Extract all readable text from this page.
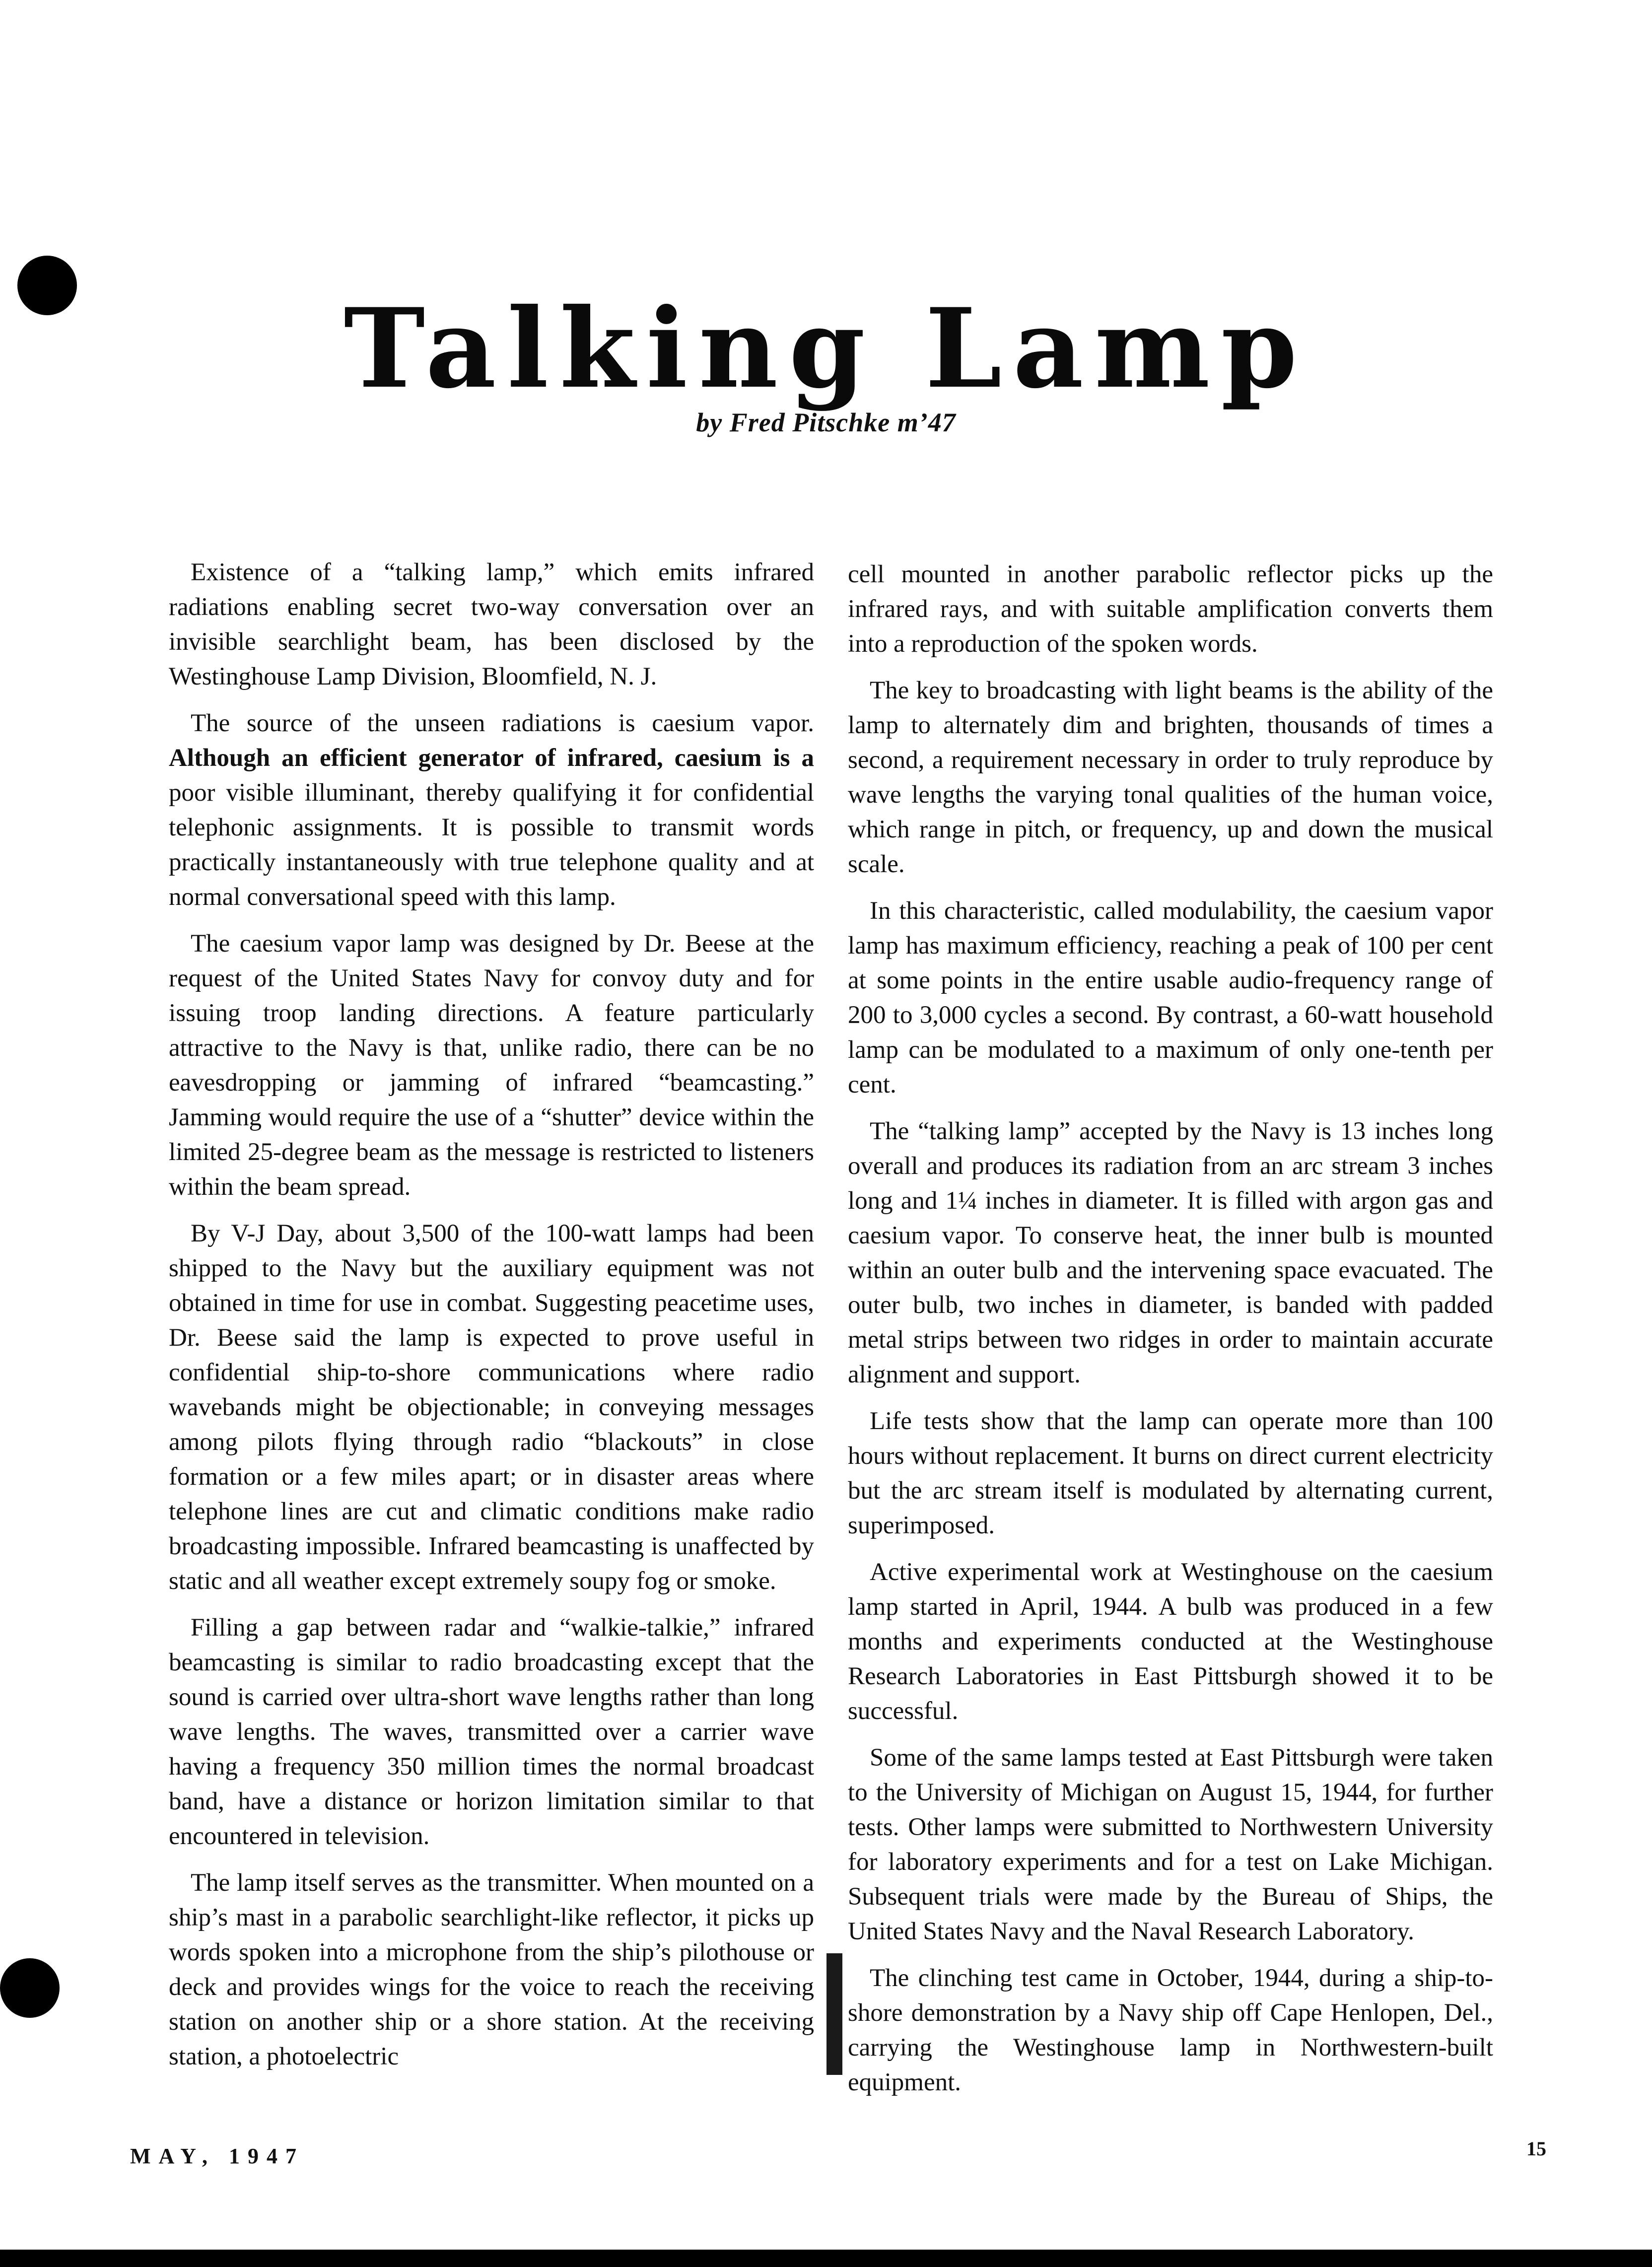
Talking Lamp
by Fred Pitschke m’47

Existence of a “talking lamp,” which emits infrared radiations enabling secret two-way conversation over an invisible searchlight beam, has been disclosed by the Westinghouse Lamp Division, Bloomfield, N. J.

The source of the unseen radiations is caesium vapor. Although an efficient generator of infrared, caesium is a poor visible illuminant, thereby qualifying it for confidential telephonic assignments. It is possible to transmit words practically instantaneously with true telephone quality and at normal conversational speed with this lamp.

The caesium vapor lamp was designed by Dr. Beese at the request of the United States Navy for convoy duty and for issuing troop landing directions. A feature particularly attractive to the Navy is that, unlike radio, there can be no eavesdropping or jamming of infrared “beamcasting.” Jamming would require the use of a “shutter” device within the limited 25-degree beam as the message is restricted to listeners within the beam spread.

By V-J Day, about 3,500 of the 100-watt lamps had been shipped to the Navy but the auxiliary equipment was not obtained in time for use in combat. Suggesting peacetime uses, Dr. Beese said the lamp is expected to prove useful in confidential ship-to-shore communications where radio wavebands might be objectionable; in conveying messages among pilots flying through radio “blackouts” in close formation or a few miles apart; or in disaster areas where telephone lines are cut and climatic conditions make radio broadcasting impossible. Infrared beamcasting is unaffected by static and all weather except extremely soupy fog or smoke.

Filling a gap between radar and “walkie-talkie,” infrared beamcasting is similar to radio broadcasting except that the sound is carried over ultra-short wave lengths rather than long wave lengths. The waves, transmitted over a carrier wave having a frequency 350 million times the normal broadcast band, have a distance or horizon limitation similar to that encountered in television.

The lamp itself serves as the transmitter. When mounted on a ship’s mast in a parabolic searchlight-like reflector, it picks up words spoken into a microphone from the ship’s pilothouse or deck and provides wings for the voice to reach the receiving station on another ship or a shore station. At the receiving station, a photoelectric

cell mounted in another parabolic reflector picks up the infrared rays, and with suitable amplification converts them into a reproduction of the spoken words.

The key to broadcasting with light beams is the ability of the lamp to alternately dim and brighten, thousands of times a second, a requirement necessary in order to truly reproduce by wave lengths the varying tonal qualities of the human voice, which range in pitch, or frequency, up and down the musical scale.

In this characteristic, called modulability, the caesium vapor lamp has maximum efficiency, reaching a peak of 100 per cent at some points in the entire usable audio-frequency range of 200 to 3,000 cycles a second. By contrast, a 60-watt household lamp can be modulated to a maximum of only one-tenth per cent.

The “talking lamp” accepted by the Navy is 13 inches long overall and produces its radiation from an arc stream 3 inches long and 1¼ inches in diameter. It is filled with argon gas and caesium vapor. To conserve heat, the inner bulb is mounted within an outer bulb and the intervening space evacuated. The outer bulb, two inches in diameter, is banded with padded metal strips between two ridges in order to maintain accurate alignment and support.

Life tests show that the lamp can operate more than 100 hours without replacement. It burns on direct current electricity but the arc stream itself is modulated by alternating current, superimposed.

Active experimental work at Westinghouse on the caesium lamp started in April, 1944. A bulb was produced in a few months and experiments conducted at the Westinghouse Research Laboratories in East Pittsburgh showed it to be successful.

Some of the same lamps tested at East Pittsburgh were taken to the University of Michigan on August 15, 1944, for further tests. Other lamps were submitted to Northwestern University for laboratory experiments and for a test on Lake Michigan. Subsequent trials were made by the Bureau of Ships, the United States Navy and the Naval Research Laboratory.

The clinching test came in October, 1944, during a ship-to-shore demonstration by a Navy ship off Cape Henlopen, Del., carrying the Westinghouse lamp in Northwestern-built equipment.

MAY, 1947	15
